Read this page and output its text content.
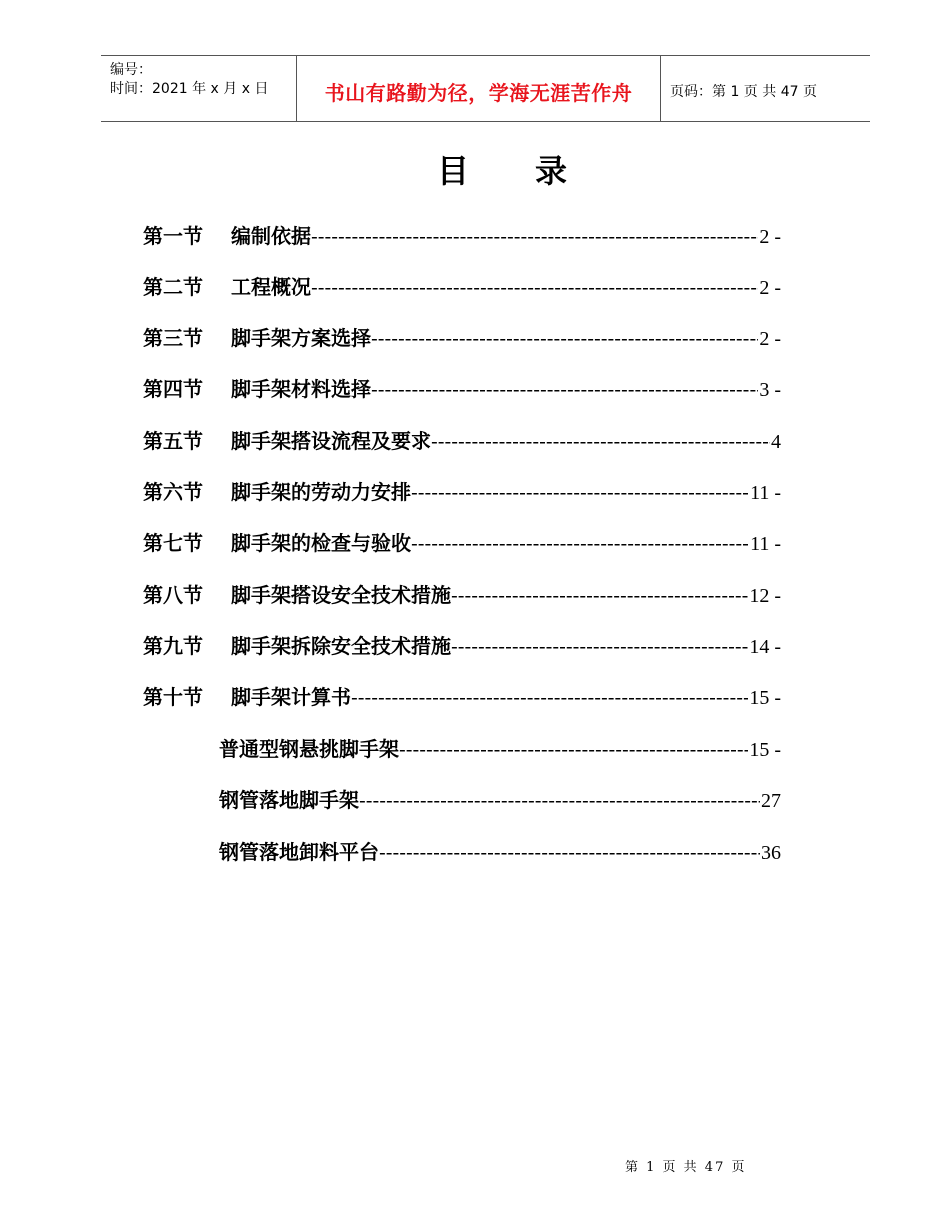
编号：
时间：2021 年 x 月 x 日	书山有路勤为径，学海无涯苦作舟	页码：第 1 页 共 47 页
目 录
第一节 编制依据 -----	2 -
第二节 工程概况 -----	2 -
第三节 脚手架方案选择 -----	2 -
第四节 脚手架材料选择 -----	3 -
第五节 脚手架搭设流程及要求 -----	4
第六节 脚手架的劳动力安排 -----	11 -
第七节 脚手架的检查与验收 -----	11 -
第八节 脚手架搭设安全技术措施 -----	12 -
第九节 脚手架拆除安全技术措施 -----	14 -
第十节 脚手架计算书 -----	15 -
普通型钢悬挑脚手架 -----	15 -
钢管落地脚手架 -----	27
钢管落地卸料平台 -----	36
第 1 页 共 47 页
